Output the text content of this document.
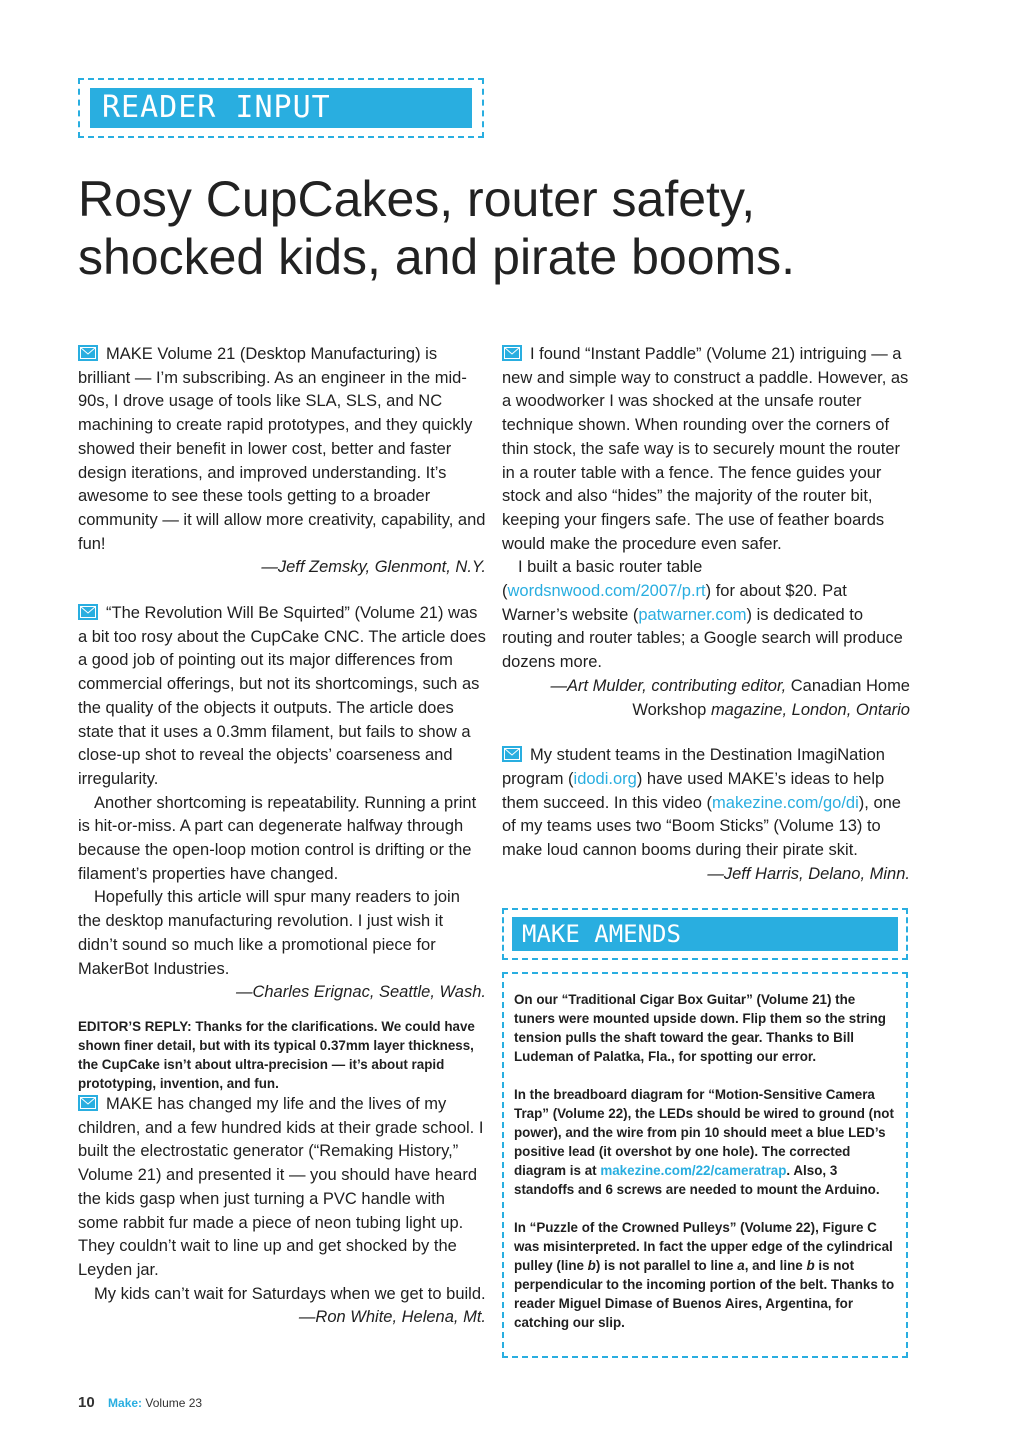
READER INPUT
Rosy CupCakes, router safety,
shocked kids, and pirate booms.

MAKE Volume 21 (Desktop Manufacturing) is brilliant — I’m subscribing. As an engineer in the mid-90s, I drove usage of tools like SLA, SLS, and NC machining to create rapid prototypes, and they quickly showed their benefit in lower cost, better and faster design iterations, and improved understanding. It’s awesome to see these tools getting to a broader community — it will allow more creativity, capability, and fun!

—Jeff Zemsky, Glenmont, N.Y.

“The Revolution Will Be Squirted” (Volume 21) was a bit too rosy about the CupCake CNC. The article does a good job of pointing out its major differences from commercial offerings, but not its shortcomings, such as the quality of the objects it outputs. The article does state that it uses a 0.3mm filament, but fails to show a close-up shot to reveal the objects’ coarseness and irregularity.

Another shortcoming is repeatability. Running a print is hit-or-miss. A part can degenerate halfway through because the open-loop motion control is drifting or the filament’s properties have changed.

Hopefully this article will spur many readers to join the desktop manufacturing revolution. I just wish it didn’t sound so much like a promotional piece for MakerBot Industries.

—Charles Erignac, Seattle, Wash.

EDITOR’S REPLY: Thanks for the clarifications. We could have shown finer detail, but with its typical 0.37mm layer thickness, the CupCake isn’t about ultra-precision — it’s about rapid prototyping, invention, and fun.

MAKE has changed my life and the lives of my children, and a few hundred kids at their grade school. I built the electrostatic generator (“Remaking History,” Volume 21) and presented it — you should have heard the kids gasp when just turning a PVC handle with some rabbit fur made a piece of neon tubing light up. They couldn’t wait to line up and get shocked by the Leyden jar.

My kids can’t wait for Saturdays when we get to build.
—Ron White, Helena, Mt.

I found “Instant Paddle” (Volume 21) intriguing — a new and simple way to construct a paddle. However, as a woodworker I was shocked at the unsafe router technique shown. When rounding over the corners of thin stock, the safe way is to securely mount the router in a router table with a fence. The fence guides your stock and also “hides” the majority of the router bit, keeping your fingers safe. The use of feather boards would make the procedure even safer.

I built a basic router table (wordsnwood.com/2007/p.rt) for about $20. Pat Warner’s website (patwarner.com) is dedicated to routing and router tables; a Google search will produce dozens more.

—Art Mulder, contributing editor, Canadian Home
Workshop magazine, London, Ontario

My student teams in the Destination ImagiNation program (idodi.org) have used MAKE’s ideas to help them succeed. In this video (makezine.com/go/di), one of my teams uses two “Boom Sticks” (Volume 13) to make loud cannon booms during their pirate skit.

—Jeff Harris, Delano, Minn.

MAKE AMENDS

On our “Traditional Cigar Box Guitar” (Volume 21) the tuners were mounted upside down. Flip them so the string tension pulls the shaft toward the gear. Thanks to Bill Ludeman of Palatka, Fla., for spotting our error.

In the breadboard diagram for “Motion-Sensitive Camera Trap” (Volume 22), the LEDs should be wired to ground (not power), and the wire from pin 10 should meet a blue LED’s positive lead (it overshot by one hole). The corrected diagram is at makezine.com/22/cameratrap. Also, 3 standoffs and 6 screws are needed to mount the Arduino.

In “Puzzle of the Crowned Pulleys” (Volume 22), Figure C was misinterpreted. In fact the upper edge of the cylindrical pulley (line b) is not parallel to line a, and line b is not perpendicular to the incoming portion of the belt. Thanks to reader Miguel Dimase of Buenos Aires, Argentina, for catching our slip.

10 Make: Volume 23
